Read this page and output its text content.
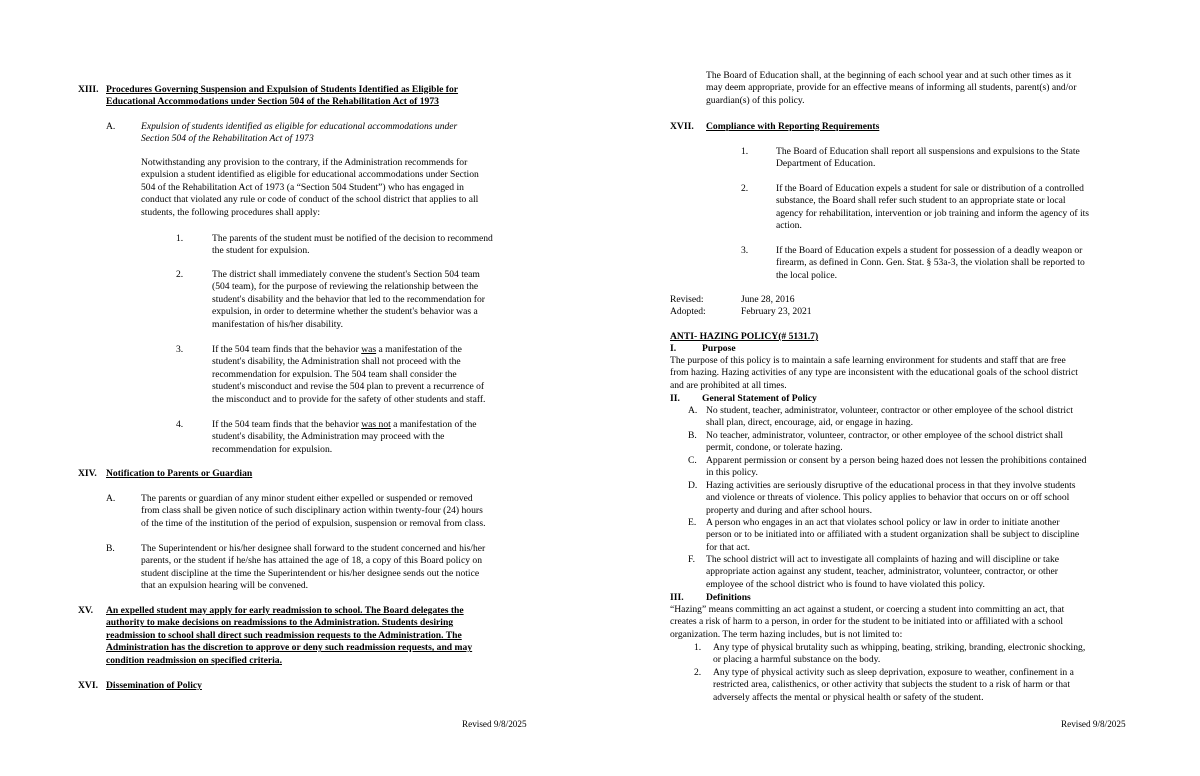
XIII. Procedures Governing Suspension and Expulsion of Students Identified as Eligible for
Educational Accommodations under Section 504 of the Rehabilitation Act of 1973
A.	Expulsion of students identified as eligible for educational accommodations under
Section 504 of the Rehabilitation Act of 1973
Notwithstanding any provision to the contrary, if the Administration recommends for
expulsion a student identified as eligible for educational accommodations under Section
504 of the Rehabilitation Act of 1973 (a “Section 504 Student”) who has engaged in
conduct that violated any rule or code of conduct of the school district that applies to all
students, the following procedures shall apply:
1.	The parents of the student must be notified of the decision to recommend
the student for expulsion.
2.	The district shall immediately convene the student's Section 504 team
(504 team), for the purpose of reviewing the relationship between the
student's disability and the behavior that led to the recommendation for
expulsion, in order to determine whether the student's behavior was a
manifestation of his/her disability.
3.	If the 504 team finds that the behavior was a manifestation of the
student's disability, the Administration shall not proceed with the
recommendation for expulsion. The 504 team shall consider the
student's misconduct and revise the 504 plan to prevent a recurrence of
the misconduct and to provide for the safety of other students and staff.
4.	If the 504 team finds that the behavior was not a manifestation of the
student's disability, the Administration may proceed with the
recommendation for expulsion.
XIV. Notification to Parents or Guardian
A.	The parents or guardian of any minor student either expelled or suspended or removed
from class shall be given notice of such disciplinary action within twenty-four (24) hours
of the time of the institution of the period of expulsion, suspension or removal from class.
B.	The Superintendent or his/her designee shall forward to the student concerned and his/her
parents, or the student if he/she has attained the age of 18, a copy of this Board policy on
student discipline at the time the Superintendent or his/her designee sends out the notice
that an expulsion hearing will be convened.
XV. An expelled student may apply for early readmission to school. The Board delegates the
authority to make decisions on readmissions to the Administration. Students desiring
readmission to school shall direct such readmission requests to the Administration. The
Administration has the discretion to approve or deny such readmission requests, and may
condition readmission on specified criteria.
XVI. Dissemination of Policy
Revised 9/8/2025
The Board of Education shall, at the beginning of each school year and at such other times as it
may deem appropriate, provide for an effective means of informing all students, parent(s) and/or
guardian(s) of this policy.
XVII. Compliance with Reporting Requirements
1.	The Board of Education shall report all suspensions and expulsions to the State
Department of Education.
2.	If the Board of Education expels a student for sale or distribution of a controlled
substance, the Board shall refer such student to an appropriate state or local
agency for rehabilitation, intervention or job training and inform the agency of its
action.
3.	If the Board of Education expels a student for possession of a deadly weapon or
firearm, as defined in Conn. Gen. Stat. § 53a-3, the violation shall be reported to
the local police.
Revised:	June 28, 2016
Adopted:	February 23, 2021
ANTI- HAZING POLICY(# 5131.7)
I.	Purpose
The purpose of this policy is to maintain a safe learning environment for students and staff that are free
from hazing. Hazing activities of any type are inconsistent with the educational goals of the school district
and are prohibited at all times.
II. General Statement of Policy
A. No student, teacher, administrator, volunteer, contractor or other employee of the school district
shall plan, direct, encourage, aid, or engage in hazing.
B. No teacher, administrator, volunteer, contractor, or other employee of the school district shall
permit, condone, or tolerate hazing.
C. Apparent permission or consent by a person being hazed does not lessen the prohibitions contained
in this policy.
D. Hazing activities are seriously disruptive of the educational process in that they involve students
and violence or threats of violence. This policy applies to behavior that occurs on or off school
property and during and after school hours.
E. A person who engages in an act that violates school policy or law in order to initiate another
person or to be initiated into or affiliated with a student organization shall be subject to discipline
for that act.
F. The school district will act to investigate all complaints of hazing and will discipline or take
appropriate action against any student, teacher, administrator, volunteer, contractor, or other
employee of the school district who is found to have violated this policy.
III. Definitions
“Hazing” means committing an act against a student, or coercing a student into committing an act, that
creates a risk of harm to a person, in order for the student to be initiated into or affiliated with a school
organization. The term hazing includes, but is not limited to:
1. Any type of physical brutality such as whipping, beating, striking, branding, electronic shocking,
or placing a harmful substance on the body.
2. Any type of physical activity such as sleep deprivation, exposure to weather, confinement in a
restricted area, calisthenics, or other activity that subjects the student to a risk of harm or that
adversely affects the mental or physical health or safety of the student.
Revised 9/8/2025
